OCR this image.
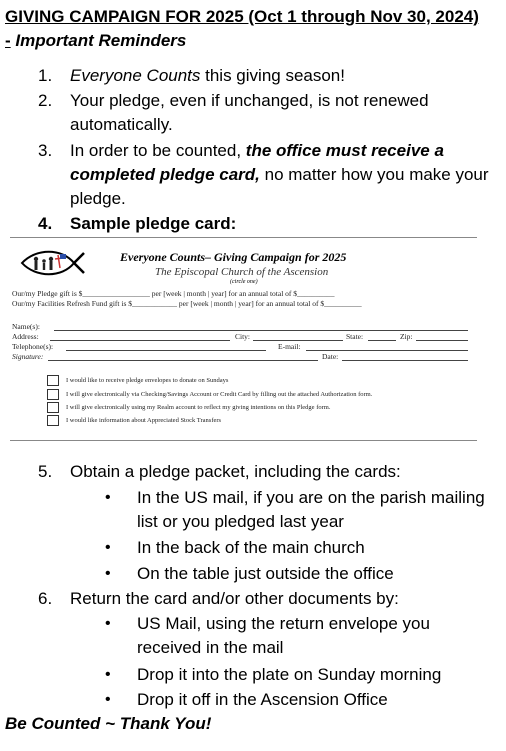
GIVING CAMPAIGN FOR 2025 (Oct 1 through Nov 30, 2024) - Important Reminders
1. Everyone Counts this giving season!
2. Your pledge, even if unchanged, is not renewed automatically.
3. In order to be counted, the office must receive a completed pledge card, no matter how you make your pledge.
4. Sample pledge card:
Everyone Counts– Giving Campaign for 2025
The Episcopal Church of the Ascension
(circle one)
Our/my Pledge gift is $__________________ per [week | month | year] for an annual total of $__________
Our/my Facilities Refresh Fund gift is $____________ per [week | month | year] for an annual total of $__________
Name(s):
Address:	City:	State:	Zip:
Telephone(s):	E-mail:
Signature:	Date:
I would like to receive pledge envelopes to donate on Sundays
I will give electronically via Checking/Savings Account or Credit Card by filling out the attached Authorization form.
I will give electronically using my Realm account to reflect my giving intentions on this Pledge form.
I would like information about Appreciated Stock Transfers
5. Obtain a pledge packet, including the cards:
• In the US mail, if you are on the parish mailing list or you pledged last year
• In the back of the main church
• On the table just outside the office
6. Return the card and/or other documents by:
• US Mail, using the return envelope you received in the mail
• Drop it into the plate on Sunday morning
• Drop it off in the Ascension Office
Be Counted ~ Thank You!
